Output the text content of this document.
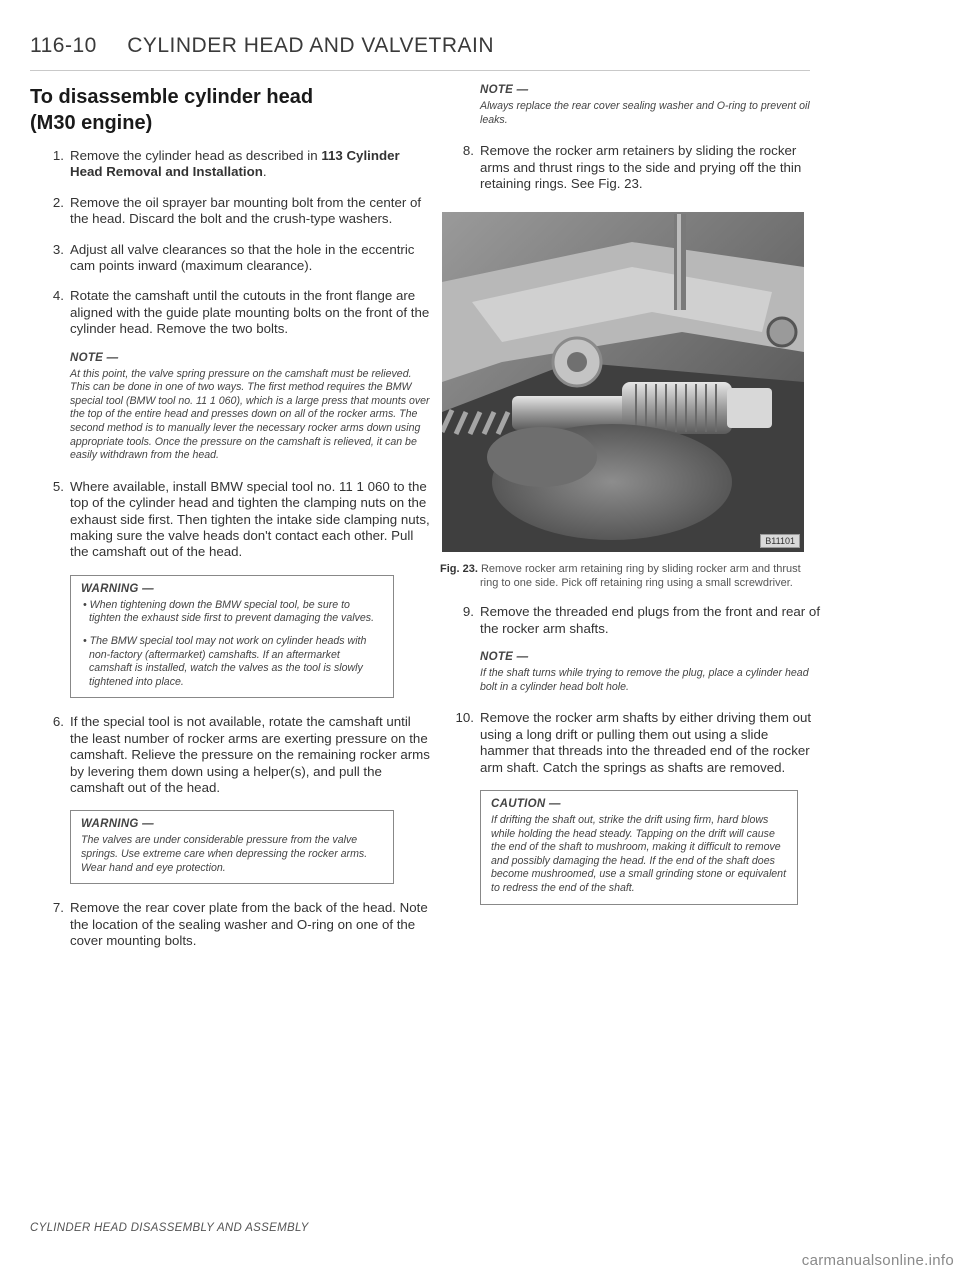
116-10 CYLINDER HEAD AND VALVETRAIN
To disassemble cylinder head
(M30 engine)
1. Remove the cylinder head as described in 113 Cylinder Head Removal and Installation.
2. Remove the oil sprayer bar mounting bolt from the center of the head. Discard the bolt and the crush-type washers.
3. Adjust all valve clearances so that the hole in the eccentric cam points inward (maximum clearance).
4. Rotate the camshaft until the cutouts in the front flange are aligned with the guide plate mounting bolts on the front of the cylinder head. Remove the two bolts.
NOTE —
At this point, the valve spring pressure on the camshaft must be relieved. This can be done in one of two ways. The first method requires the BMW special tool (BMW tool no. 11 1 060), which is a large press that mounts over the top of the entire head and presses down on all of the rocker arms. The second method is to manually lever the necessary rocker arms down using appropriate tools. Once the pressure on the camshaft is relieved, it can be easily withdrawn from the head.
5. Where available, install BMW special tool no. 11 1 060 to the top of the cylinder head and tighten the clamping nuts on the exhaust side first. Then tighten the intake side clamping nuts, making sure the valve heads don't contact each other. Pull the camshaft out of the head.
WARNING —

• When tightening down the BMW special tool, be sure to tighten the exhaust side first to prevent damaging the valves.

• The BMW special tool may not work on cylinder heads with non-factory (aftermarket) camshafts. If an aftermarket camshaft is installed, watch the valves as the tool is slowly tightened into place.

6. If the special tool is not available, rotate the camshaft until the least number of rocker arms are exerting pressure on the camshaft. Relieve the pressure on the remaining rocker arms by levering them down using a helper(s), and pull the camshaft out of the head.
WARNING —

The valves are under considerable pressure from the valve springs. Use extreme care when depressing the rocker arms. Wear hand and eye protection.

7. Remove the rear cover plate from the back of the head. Note the location of the sealing washer and O-ring on one of the cover mounting bolts.
NOTE —
Always replace the rear cover sealing washer and O-ring to prevent oil leaks.
8. Remove the rocker arm retainers by sliding the rocker arms and thrust rings to the side and prying off the thin retaining rings. See Fig. 23.
B11101

Fig. 23. Remove rocker arm retaining ring by sliding rocker arm and thrust ring to one side. Pick off retaining ring using a small screwdriver.

9. Remove the threaded end plugs from the front and rear of the rocker arm shafts.
NOTE —
If the shaft turns while trying to remove the plug, place a cylinder head bolt in a cylinder head bolt hole.
10. Remove the rocker arm shafts by either driving them out using a long drift or pulling them out using a slide hammer that threads into the threaded end of the rocker arm shaft. Catch the springs as shafts are removed.
CAUTION —

If drifting the shaft out, strike the drift using firm, hard blows while holding the head steady. Tapping on the drift will cause the end of the shaft to mushroom, making it difficult to remove and possibly damaging the head. If the end of the shaft does become mushroomed, use a small grinding stone or equivalent to redress the end of the shaft.

CYLINDER HEAD DISASSEMBLY AND ASSEMBLY
carmanualsonline.info
